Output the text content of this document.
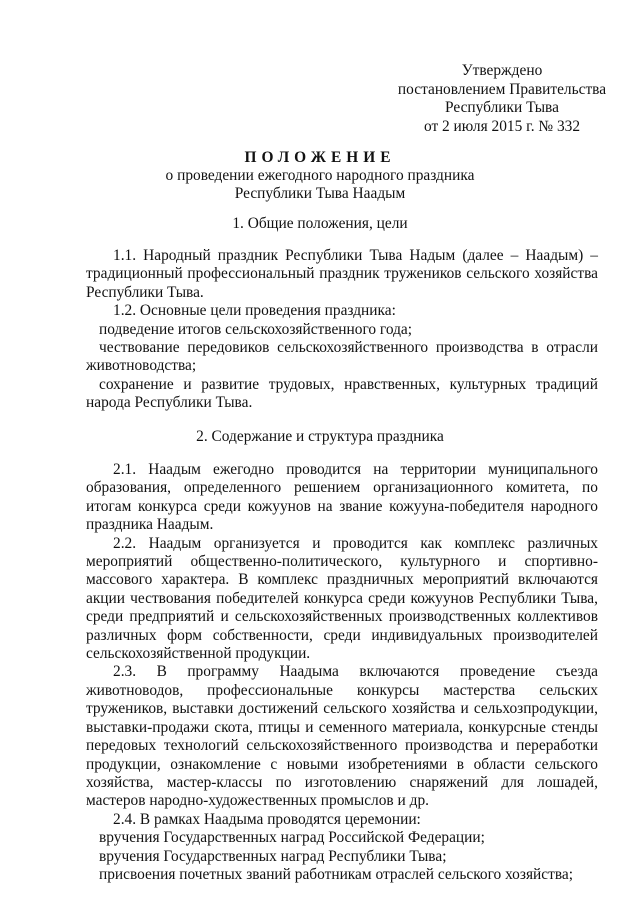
Утверждено
постановлением Правительства
Республики Тыва
от 2 июля 2015 г. № 332
ПОЛОЖЕНИЕ
о проведении ежегодного народного праздника
Республики Тыва Наадым
1. Общие положения, цели

1.1. Народный праздник Республики Тыва Надым (далее – Наадым) – традиционный профессиональный праздник тружеников сельского хозяйства Республики Тыва.

1.2. Основные цели проведения праздника:

подведение итогов сельскохозяйственного года;

чествование передовиков сельскохозяйственного производства в отрасли животноводства;

сохранение и развитие трудовых, нравственных, культурных традиций народа Республики Тыва.

2. Содержание и структура праздника

2.1. Наадым ежегодно проводится на территории муниципального образования, определенного решением организационного комитета, по итогам конкурса среди кожуунов на звание кожууна-победителя народного праздника Наадым.

2.2. Наадым организуется и проводится как комплекс различных мероприятий общественно-политического, культурного и спортивно-массового характера. В комплекс праздничных мероприятий включаются акции чествования победителей конкурса среди кожуунов Республики Тыва, среди предприятий и сельскохозяйственных производственных коллективов различных форм собственности, среди индивидуальных производителей сельскохозяйственной продукции.

2.3. В программу Наадыма включаются проведение съезда животноводов, профессиональные конкурсы мастерства сельских тружеников, выставки достижений сельского хозяйства и сельхозпродукции, выставки-продажи скота, птицы и семенного материала, конкурсные стенды передовых технологий сельскохозяйственного производства и переработки продукции, ознакомление с новыми изобретениями в области сельского хозяйства, мастер-классы по изготовлению снаряжений для лошадей, мастеров народно-художественных промыслов и др.

2.4. В рамках Наадыма проводятся церемонии:

вручения Государственных наград Российской Федерации;

вручения Государственных наград Республики Тыва;

присвоения почетных званий работникам отраслей сельского хозяйства;
